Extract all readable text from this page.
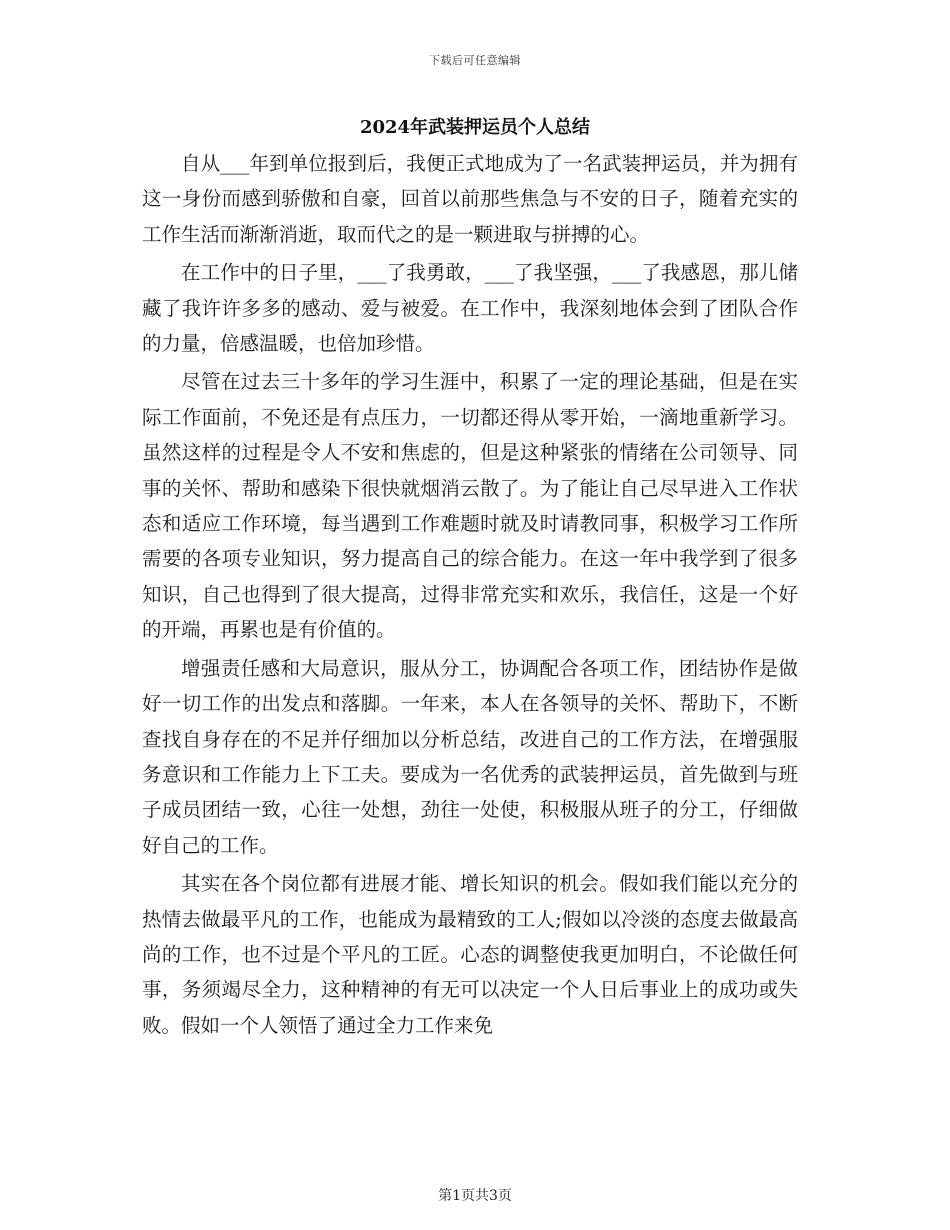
下载后可任意编辑
2024年武装押运员个人总结

自从___年到单位报到后，我便正式地成为了一名武装押运员，并为拥有这一身份而感到骄傲和自豪，回首以前那些焦急与不安的日子，随着充实的工作生活而渐渐消逝，取而代之的是一颗进取与拼搏的心。

在工作中的日子里，___了我勇敢，___了我坚强，___了我感恩，那儿储藏了我许许多多的感动、爱与被爱。在工作中，我深刻地体会到了团队合作的力量，倍感温暖，也倍加珍惜。

尽管在过去三十多年的学习生涯中，积累了一定的理论基础，但是在实际工作面前，不免还是有点压力，一切都还得从零开始，一滴地重新学习。虽然这样的过程是令人不安和焦虑的，但是这种紧张的情绪在公司领导、同事的关怀、帮助和感染下很快就烟消云散了。为了能让自己尽早进入工作状态和适应工作环境，每当遇到工作难题时就及时请教同事，积极学习工作所需要的各项专业知识，努力提高自己的综合能力。在这一年中我学到了很多知识，自己也得到了很大提高，过得非常充实和欢乐，我信任，这是一个好的开端，再累也是有价值的。

增强责任感和大局意识，服从分工，协调配合各项工作，团结协作是做好一切工作的出发点和落脚。一年来，本人在各领导的关怀、帮助下，不断查找自身存在的不足并仔细加以分析总结，改进自己的工作方法，在增强服务意识和工作能力上下工夫。要成为一名优秀的武装押运员，首先做到与班子成员团结一致，心往一处想，劲往一处使，积极服从班子的分工，仔细做好自己的工作。

其实在各个岗位都有进展才能、增长知识的机会。假如我们能以充分的热情去做最平凡的工作，也能成为最精致的工人;假如以冷淡的态度去做最高尚的工作，也不过是个平凡的工匠。心态的调整使我更加明白，不论做任何事，务须竭尽全力，这种精神的有无可以决定一个人日后事业上的成功或失败。假如一个人领悟了通过全力工作来免

第1页共3页
